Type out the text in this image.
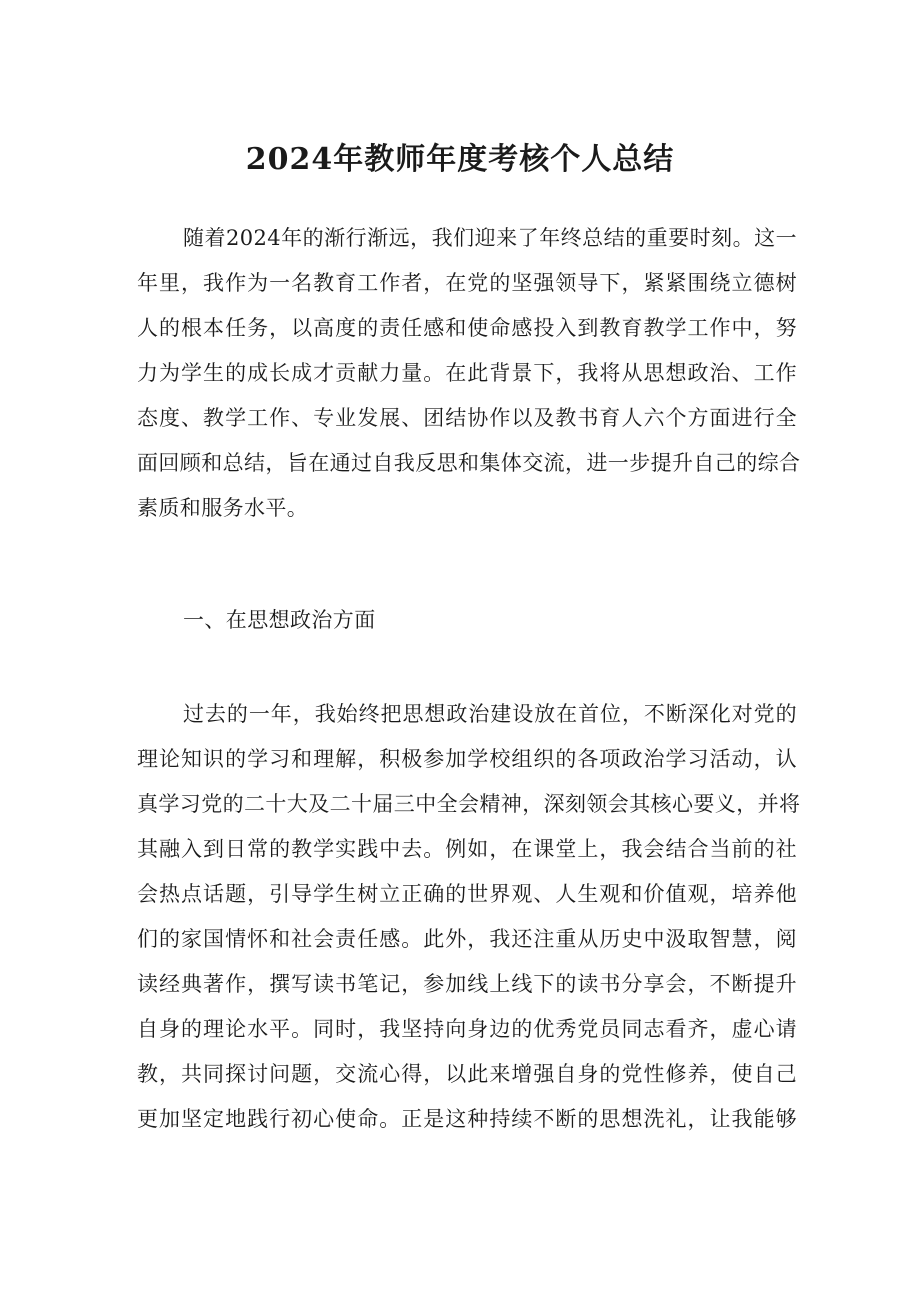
2024年教师年度考核个人总结
随着2024年的渐行渐远，我们迎来了年终总结的重要时刻。这一
年里，我作为一名教育工作者，在党的坚强领导下，紧紧围绕立德树
人的根本任务，以高度的责任感和使命感投入到教育教学工作中，努
力为学生的成长成才贡献力量。在此背景下，我将从思想政治、工作
态度、教学工作、专业发展、团结协作以及教书育人六个方面进行全
面回顾和总结，旨在通过自我反思和集体交流，进一步提升自己的综合
素质和服务水平。
一、在思想政治方面
过去的一年，我始终把思想政治建设放在首位，不断深化对党的
理论知识的学习和理解，积极参加学校组织的各项政治学习活动，认
真学习党的二十大及二十届三中全会精神，深刻领会其核心要义，并将
其融入到日常的教学实践中去。例如，在课堂上，我会结合当前的社
会热点话题，引导学生树立正确的世界观、人生观和价值观，培养他
们的家国情怀和社会责任感。此外，我还注重从历史中汲取智慧，阅
读经典著作，撰写读书笔记，参加线上线下的读书分享会，不断提升
自身的理论水平。同时，我坚持向身边的优秀党员同志看齐，虚心请
教，共同探讨问题，交流心得，以此来增强自身的党性修养，使自己
更加坚定地践行初心使命。正是这种持续不断的思想洗礼，让我能够
